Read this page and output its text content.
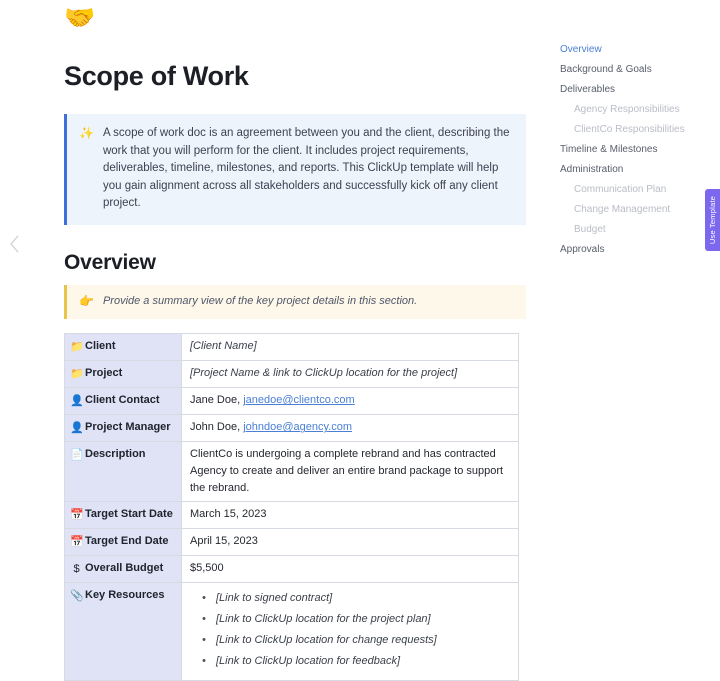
🤝
Scope of Work
✨ A scope of work doc is an agreement between you and the client, describing the work that you will perform for the client. It includes project requirements, deliverables, timeline, milestones, and reports. This ClickUp template will help you gain alignment across all stakeholders and successfully kick off any client project.
Overview
👉 Provide a summary view of the key project details in this section.
📁Client	[Client Name]
📁Project	[Project Name & link to ClickUp location for the project]
👤Client Contact	Jane Doe, janedoe@clientco.com
👤Project Manager	John Doe, johndoe@agency.com
📄Description	ClientCo is undergoing a complete rebrand and has contracted Agency to create and deliver an entire brand package to support the rebrand.
📅Target Start Date	March 15, 2023
📅Target End Date	April 15, 2023
$ Overall Budget	$5,500
📎Key Resources	
•[Link to signed contract]
• [Link to ClickUp location for the project plan]
• [Link to ClickUp location for change requests]
• [Link to ClickUp location for feedback]
Overview
Background & Goals
Deliverables
Agency Responsibilities
ClientCo Responsibilities
Timeline & Milestones
Administration
Communication Plan
Change Management
Budget
Approvals
Use Template
